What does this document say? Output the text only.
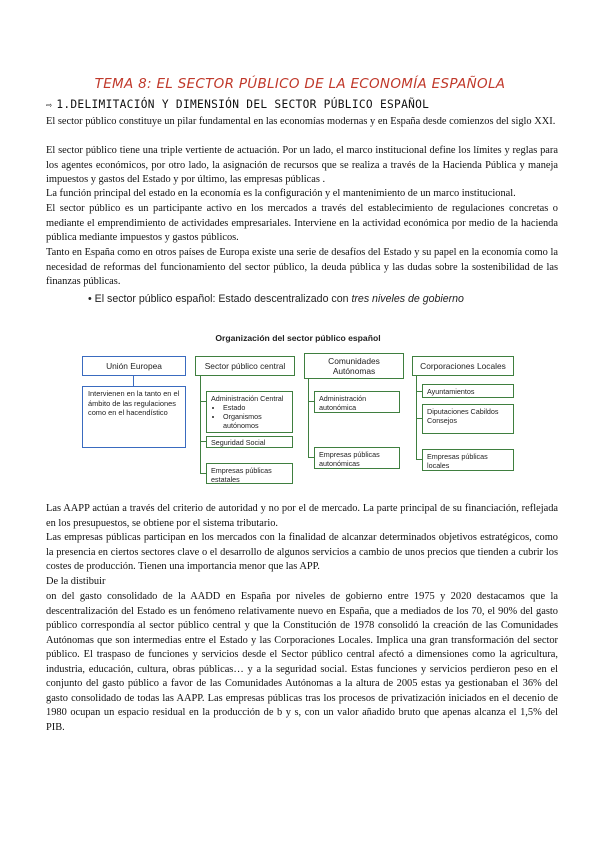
TEMA 8: EL SECTOR PÚBLICO DE LA ECONOMÍA ESPAÑOLA
⇨ 1.DELIMITACIÓN Y DIMENSIÓN DEL SECTOR PÚBLICO ESPAÑOL
El sector público constituye un pilar fundamental en las economías modernas y en España desde comienzos del siglo XXI.
El sector público tiene una triple vertiente de actuación. Por un lado, el marco institucional define los límites y reglas para los agentes económicos, por otro lado, la asignación de recursos que se realiza a través de la Hacienda Pública y maneja impuestos y gastos del Estado y por último, las empresas públicas .
La función principal del estado en la economía es la configuración y el mantenimiento de un marco institucional.
El sector público es un participante activo en los mercados a través del establecimiento de regulaciones concretas o mediante el emprendimiento de actividades empresariales. Interviene en la actividad económica por medio de la hacienda pública mediante impuestos y gastos públicos.
Tanto en España como en otros países de Europa existe una serie de desafíos del Estado y su papel en la economía como la necesidad de reformas del funcionamiento del sector público, la deuda pública y las dudas sobre la sostenibilidad de las finanzas públicas.
• El sector público español: Estado descentralizado con tres niveles de gobierno
Organización del sector público español
Unión Europea	Sector público central	Comunidades Autónomas	Corporaciones Locales
Intervienen en la tanto en el ámbito de las regulaciones como en el hacendístico
Administración Central
• Estado
• Organismos autónomos
Seguridad Social
Empresas públicas estatales
Administración autonómica
Empresas públicas autonómicas
Ayuntamientos
Diputaciones Cabildos Consejos
Empresas públicas locales
Las AAPP actúan a través del criterio de autoridad y no por el de mercado. La parte principal de su financiación, reflejada en los presupuestos, se obtiene por el sistema tributario.
Las empresas públicas participan en los mercados con la finalidad de alcanzar determinados objetivos estratégicos, como la presencia en ciertos sectores clave o el desarrollo de algunos servicios a cambio de unos precios que tienden a cubrir los costes de producción. Tienen una importancia menor que las APP.
De la distibuir
on del gasto consolidado de la AADD en España por niveles de gobierno entre 1975 y 2020 destacamos que la descentralización del Estado es un fenómeno relativamente nuevo en España, que a mediados de los 70, el 90% del gasto público correspondía al sector público central y que la Constitución de 1978 consolidó la creación de las Comunidades Autónomas que son intermedias entre el Estado y las Corporaciones Locales. Implica una gran transformación del sector público. El traspaso de funciones y servicios desde el Sector público central afectó a dimensiones como la agricultura, industria, educación, cultura, obras públicas… y a la seguridad social. Estas funciones y servicios perdieron peso en el conjunto del gasto público a favor de las Comunidades Autónomas a la altura de 2005 estas ya gestionaban el 36% del gasto consolidado de todas las AAPP. Las empresas públicas tras los procesos de privatización iniciados en el decenio de 1980 ocupan un espacio residual en la producción de b y s, con un valor añadido bruto que apenas alcanza el 1,5% del PIB.
